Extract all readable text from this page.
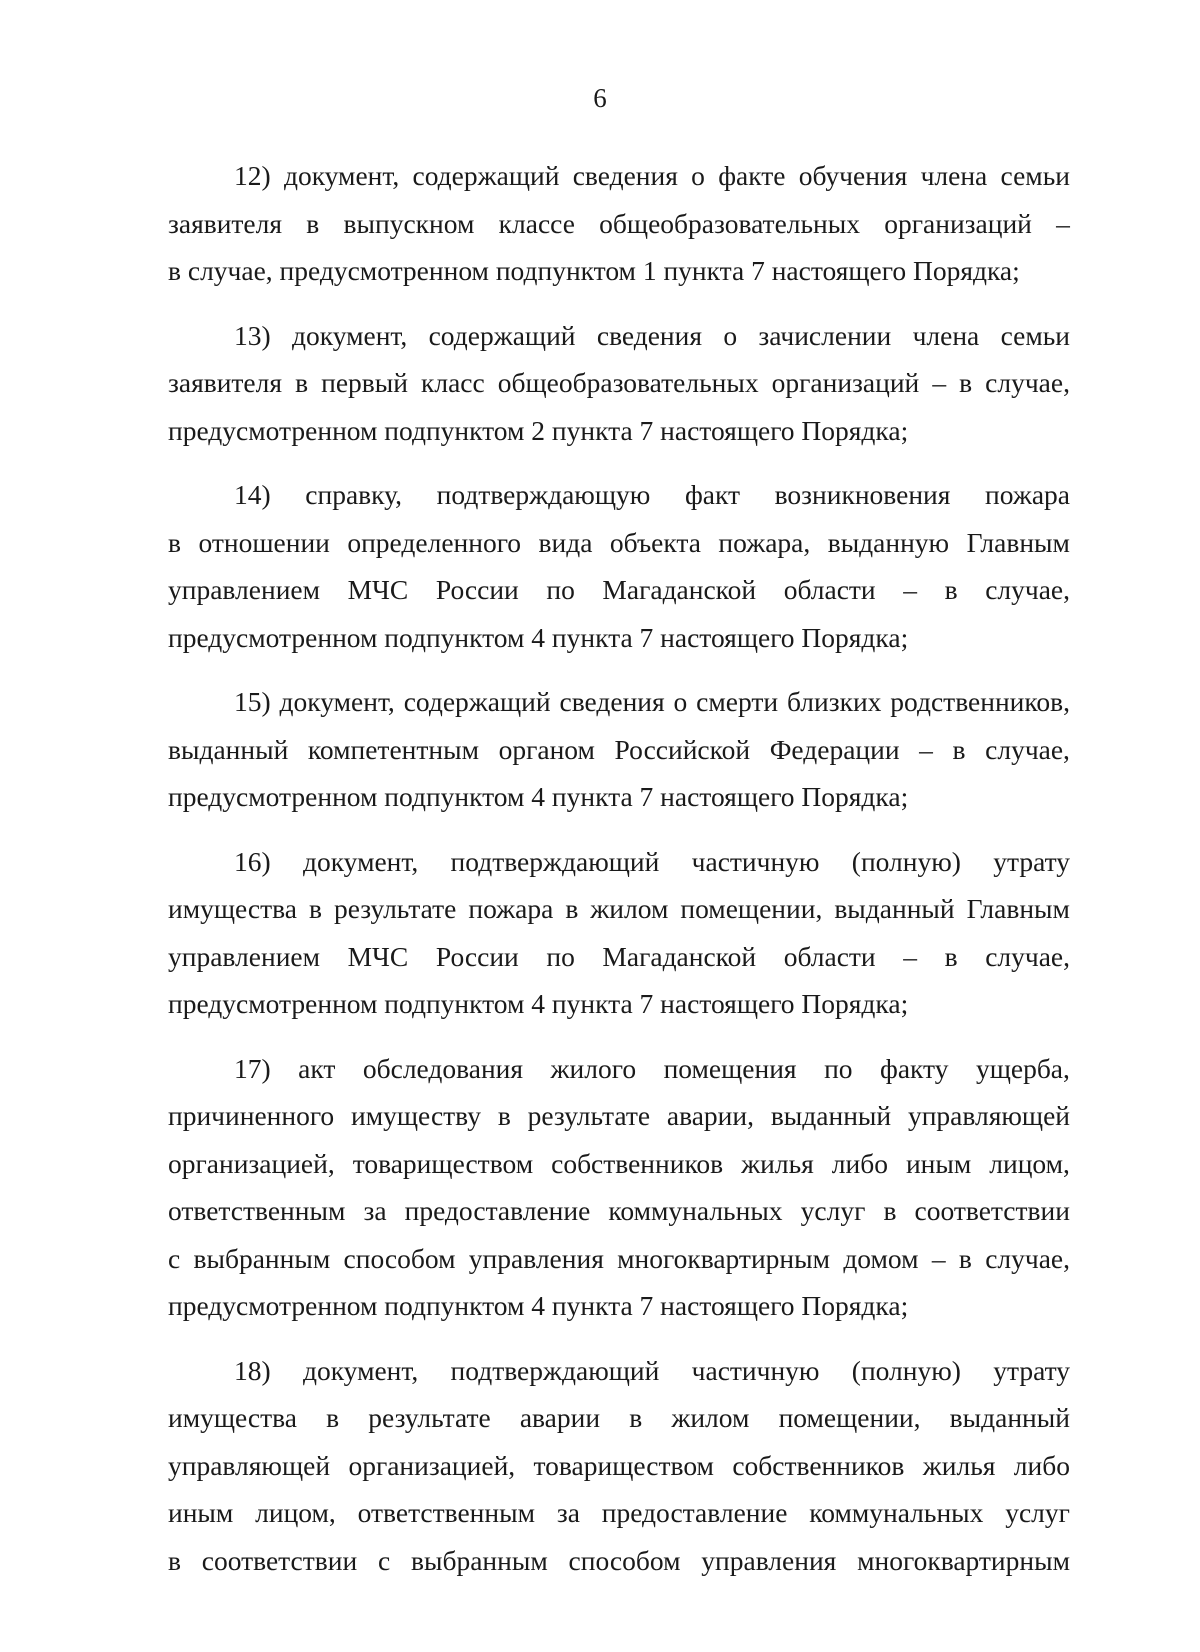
6
12) документ, содержащий сведения о факте обучения члена семьи
заявителя в выпускном классе общеобразовательных организаций –
в случае, предусмотренном подпунктом 1 пункта 7 настоящего Порядка;
13) документ, содержащий сведения о зачислении члена семьи
заявителя в первый класс общеобразовательных организаций – в случае,
предусмотренном подпунктом 2 пункта 7 настоящего Порядка;
14) справку, подтверждающую факт возникновения пожара
в отношении определенного вида объекта пожара, выданную Главным
управлением МЧС России по Магаданской области – в случае,
предусмотренном подпунктом 4 пункта 7 настоящего Порядка;
15) документ, содержащий сведения о смерти близких родственников,
выданный компетентным органом Российской Федерации – в случае,
предусмотренном подпунктом 4 пункта 7 настоящего Порядка;
16) документ, подтверждающий частичную (полную) утрату
имущества в результате пожара в жилом помещении, выданный Главным
управлением МЧС России по Магаданской области – в случае,
предусмотренном подпунктом 4 пункта 7 настоящего Порядка;
17) акт обследования жилого помещения по факту ущерба,
причиненного имуществу в результате аварии, выданный управляющей
организацией, товариществом собственников жилья либо иным лицом,
ответственным за предоставление коммунальных услуг в соответствии
с выбранным способом управления многоквартирным домом – в случае,
предусмотренном подпунктом 4 пункта 7 настоящего Порядка;
18) документ, подтверждающий частичную (полную) утрату
имущества в результате аварии в жилом помещении, выданный
управляющей организацией, товариществом собственников жилья либо
иным лицом, ответственным за предоставление коммунальных услуг
в соответствии с выбранным способом управления многоквартирным
